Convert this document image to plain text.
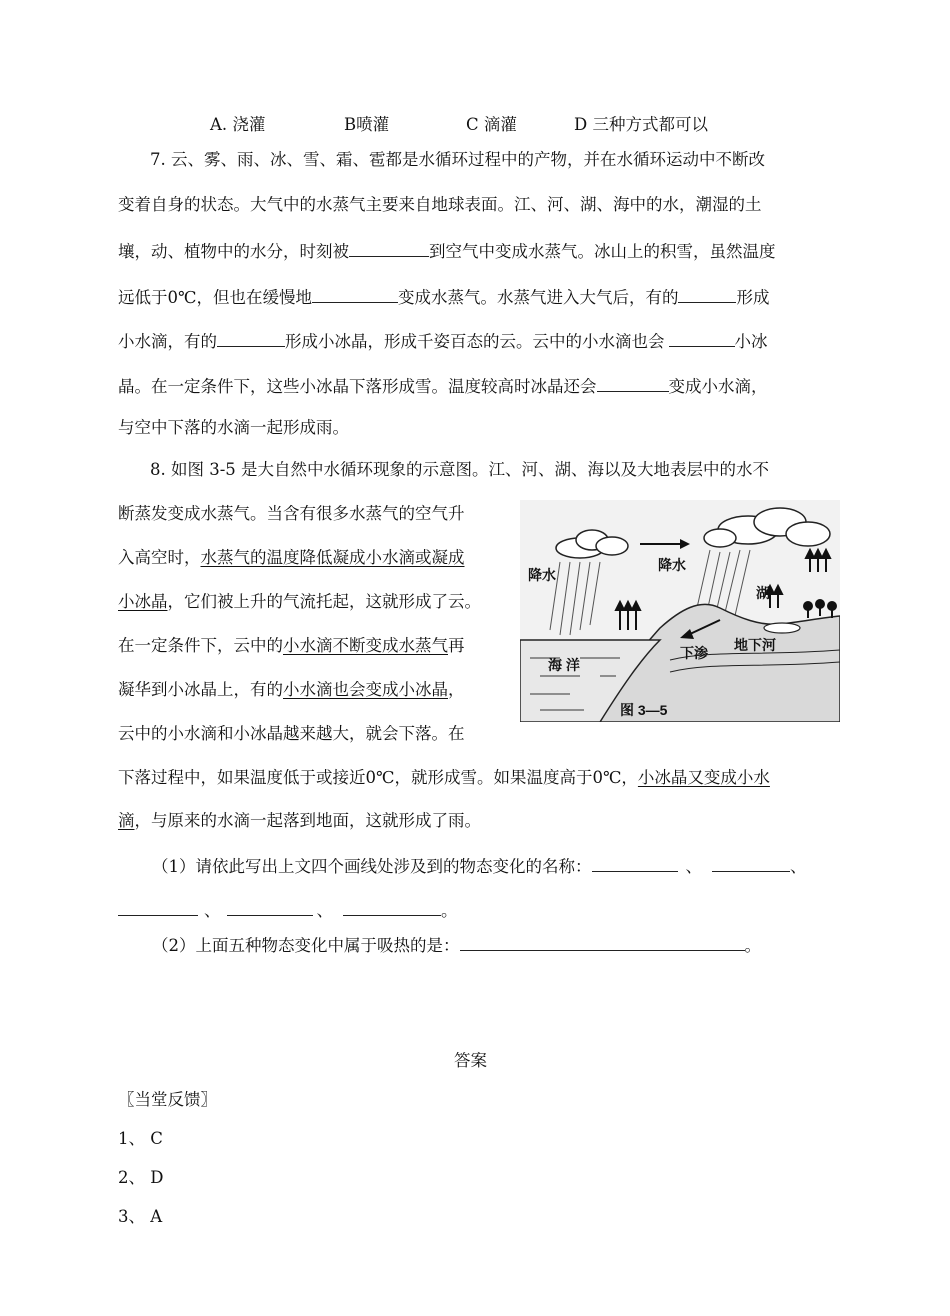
A. 浇灌	B喷灌	C 滴灌	D 三种方式都可以
7. 云、雾、雨、冰、雪、霜、雹都是水循环过程中的产物，并在水循环运动中不断改
变着自身的状态。大气中的水蒸气主要来自地球表面。江、河、湖、海中的水，潮湿的土
壤，动、植物中的水分，时刻被	到空气中变成水蒸气。冰山上的积雪，虽然温度
远低于0℃，但也在缓慢地	变成水蒸气。水蒸气进入大气后，有的	形成
小水滴，有的	形成小冰晶，形成千姿百态的云。云中的小水滴也会	小冰
晶。在一定条件下，这些小冰晶下落形成雪。温度较高时冰晶还会	变成小水滴，
与空中下落的水滴一起形成雨。
8. 如图 3-5 是大自然中水循环现象的示意图。江、河、湖、海以及大地表层中的水不
断蒸发变成水蒸气。当含有很多水蒸气的空气升
入高空时，水蒸气的温度降低凝成小水滴或凝成
小冰晶，它们被上升的气流托起，这就形成了云。
在一定条件下，云中的小水滴不断变成水蒸气再
凝华到小冰晶上，有的小水滴也会变成小冰晶，
云中的小水滴和小冰晶越来越大，就会下落。在
下落过程中，如果温度低于或接近0℃，就形成雪。如果温度高于0℃，小冰晶又变成小水
滴，与原来的水滴一起落到地面，这就形成了雨。
（1）请依此写出上文四个画线处涉及到的物态变化的名称：	、	、
、	、	。
（2）上面五种物态变化中属于吸热的是：	。
降水
降水
湖
下渗 地下河
海 洋
图 3—5
答案
〖当堂反馈〗
1、 C
2、 D
3、 A
